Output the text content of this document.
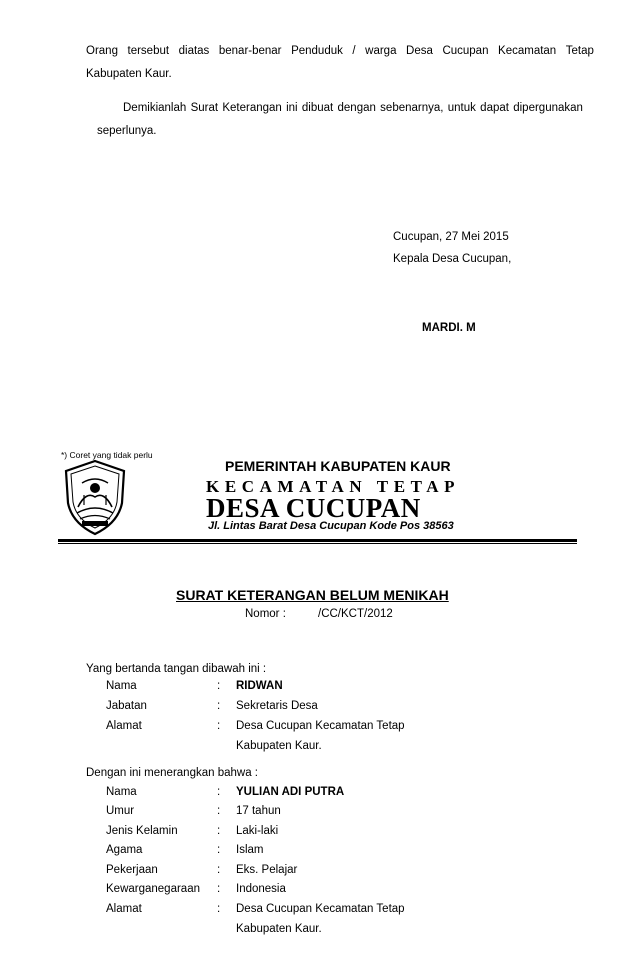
Orang tersebut diatas benar-benar Penduduk / warga Desa Cucupan Kecamatan Tetap
Kabupaten Kaur.
Demikianlah Surat Keterangan ini dibuat dengan sebenarnya, untuk dapat dipergunakan
seperlunya.
Cucupan, 27 Mei 2015
Kepala Desa Cucupan,
MARDI. M
*) Coret yang tidak perlu
PEMERINTAH KABUPATEN KAUR
KECAMATAN TETAP
DESA CUCUPAN
Jl. Lintas Barat Desa Cucupan Kode Pos 38563
SURAT KETERANGAN BELUM MENIKAH
Nomor :	/CC/KCT/2012
Yang bertanda tangan dibawah ini :
Nama	: RIDWAN
Jabatan	: Sekretaris Desa
Alamat	: Desa Cucupan Kecamatan Tetap
Kabupaten Kaur.
Dengan ini menerangkan bahwa :
Nama	: YULIAN ADI PUTRA
Umur	: 17 tahun
Jenis Kelamin	: Laki-laki
Agama	: Islam
Pekerjaan	: Eks. Pelajar
Kewarganegaraan : Indonesia
Alamat	: Desa Cucupan Kecamatan Tetap
Kabupaten Kaur.
